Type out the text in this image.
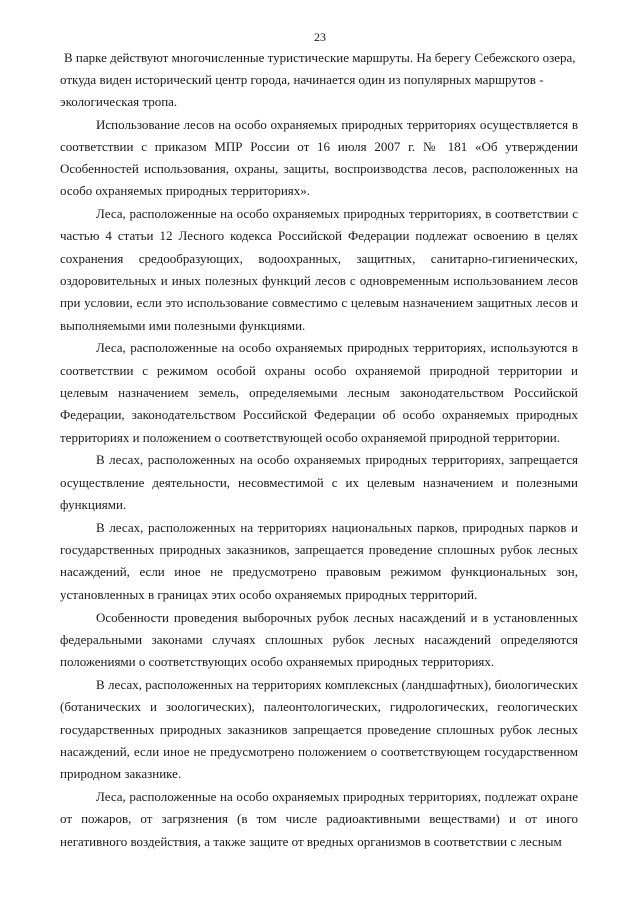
23

В парке действуют многочисленные туристические маршруты. На берегу Себежского озера, откуда виден исторический центр города, начинается один из популярных маршрутов - экологическая тропа.

Использование лесов на особо охраняемых природных территориях осуществляется в соответствии с приказом МПР России от 16 июля 2007 г. № 181 «Об утверждении Особенностей использования, охраны, защиты, воспроизводства лесов, расположенных на особо охраняемых природных территориях».

Леса, расположенные на особо охраняемых природных территориях, в соответствии с частью 4 статьи 12 Лесного кодекса Российской Федерации подлежат освоению в целях сохранения средообразующих, водоохранных, защитных, санитарно-гигиенических, оздоровительных и иных полезных функций лесов с одновременным использованием лесов при условии, если это использование совместимо с целевым назначением защитных лесов и выполняемыми ими полезными функциями.

Леса, расположенные на особо охраняемых природных территориях, используются в соответствии с режимом особой охраны особо охраняемой природной территории и целевым назначением земель, определяемыми лесным законодательством Российской Федерации, законодательством Российской Федерации об особо охраняемых природных территориях и положением о соответствующей особо охраняемой природной территории.

В лесах, расположенных на особо охраняемых природных территориях, запрещается осуществление деятельности, несовместимой с их целевым назначением и полезными функциями.

В лесах, расположенных на территориях национальных парков, природных парков и государственных природных заказников, запрещается проведение сплошных рубок лесных насаждений, если иное не предусмотрено правовым режимом функциональных зон, установленных в границах этих особо охраняемых природных территорий.

Особенности проведения выборочных рубок лесных насаждений и в установленных федеральными законами случаях сплошных рубок лесных насаждений определяются положениями о соответствующих особо охраняемых природных территориях.

В лесах, расположенных на территориях комплексных (ландшафтных), биологических (ботанических и зоологических), палеонтологических, гидрологических, геологических государственных природных заказников запрещается проведение сплошных рубок лесных насаждений, если иное не предусмотрено положением о соответствующем государственном природном заказнике.

Леса, расположенные на особо охраняемых природных территориях, подлежат охране от пожаров, от загрязнения (в том числе радиоактивными веществами) и от иного негативного воздействия, а также защите от вредных организмов в соответствии с лесным
